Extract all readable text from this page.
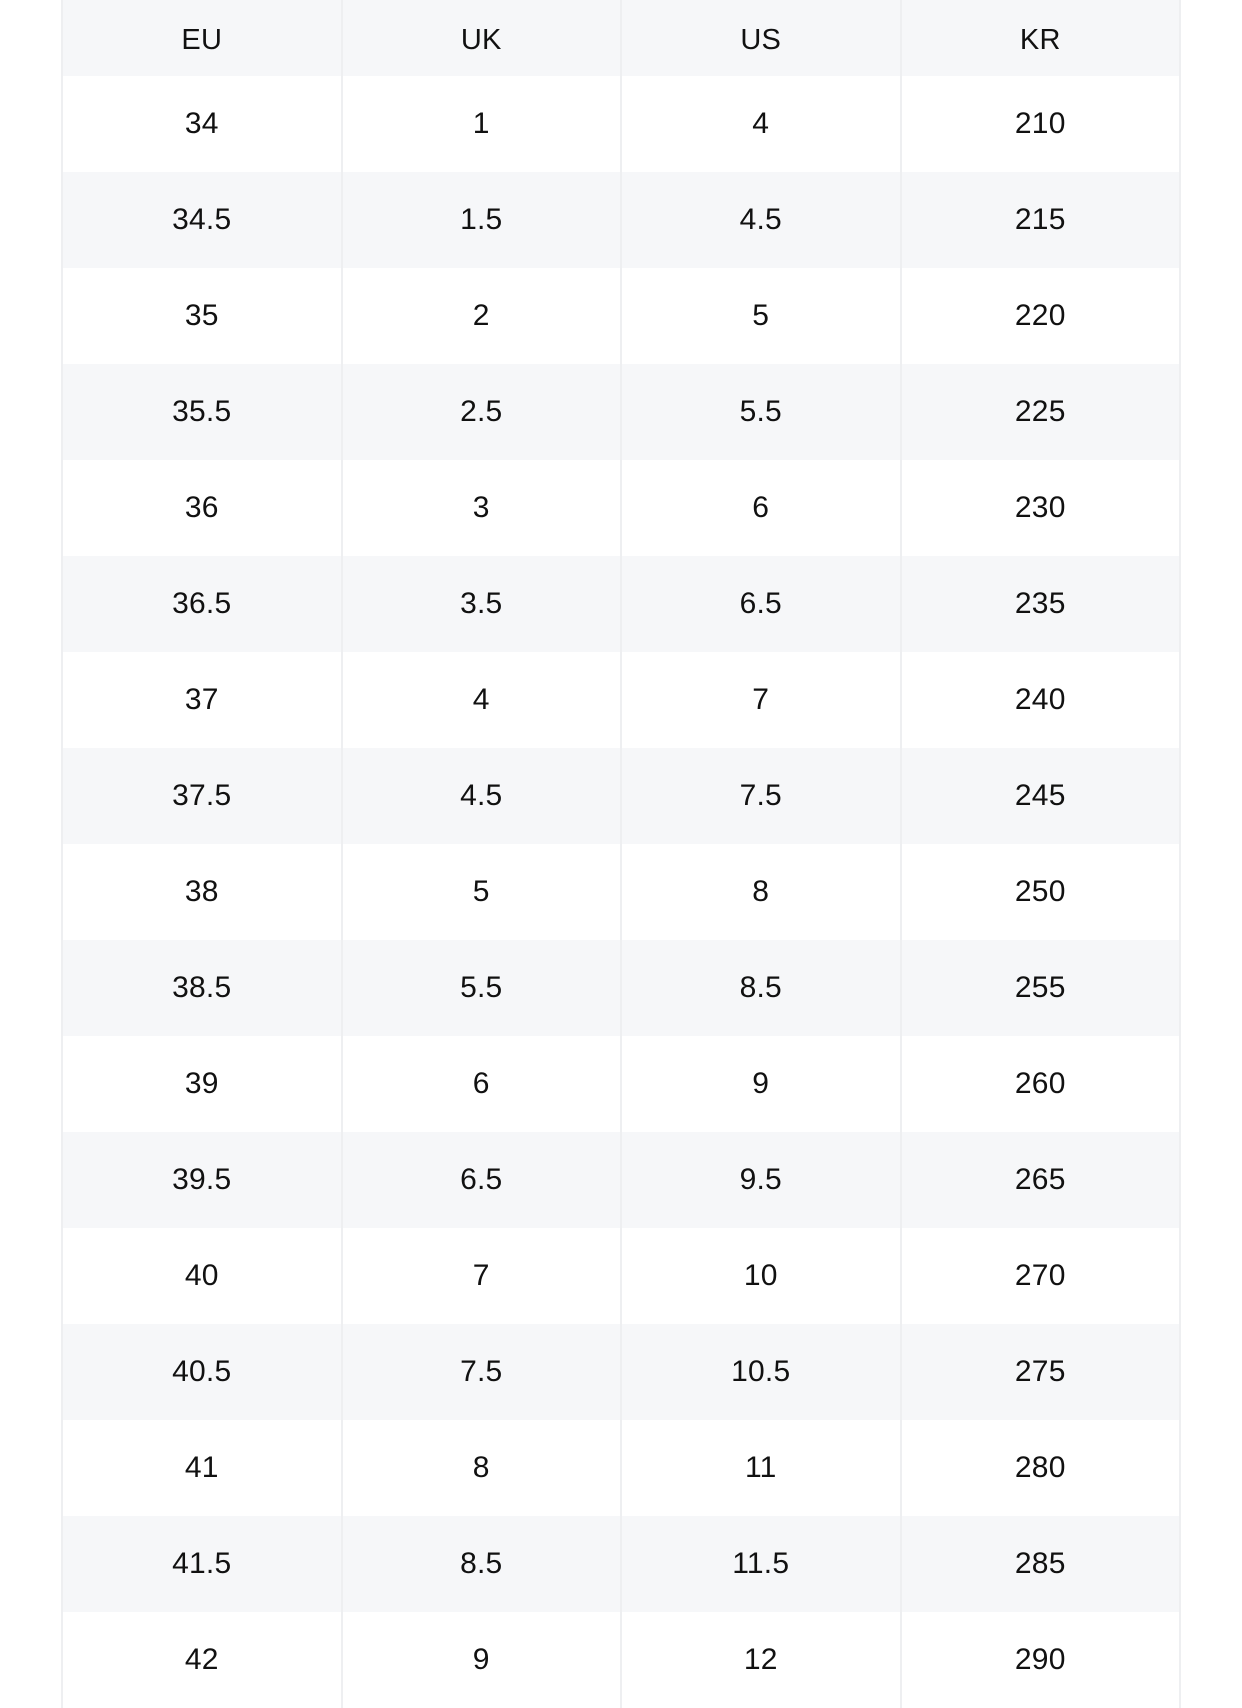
EU	UK	US	KR
34	1	4	210
34.5	1.5	4.5	215
35	2	5	220
35.5	2.5	5.5	225
36	3	6	230
36.5	3.5	6.5	235
37	4	7	240
37.5	4.5	7.5	245
38	5	8	250
38.5	5.5	8.5	255
39	6	9	260
39.5	6.5	9.5	265
40	7	10	270
40.5	7.5	10.5	275
41	8	11	280
41.5	8.5	11.5	285
42	9	12	290
